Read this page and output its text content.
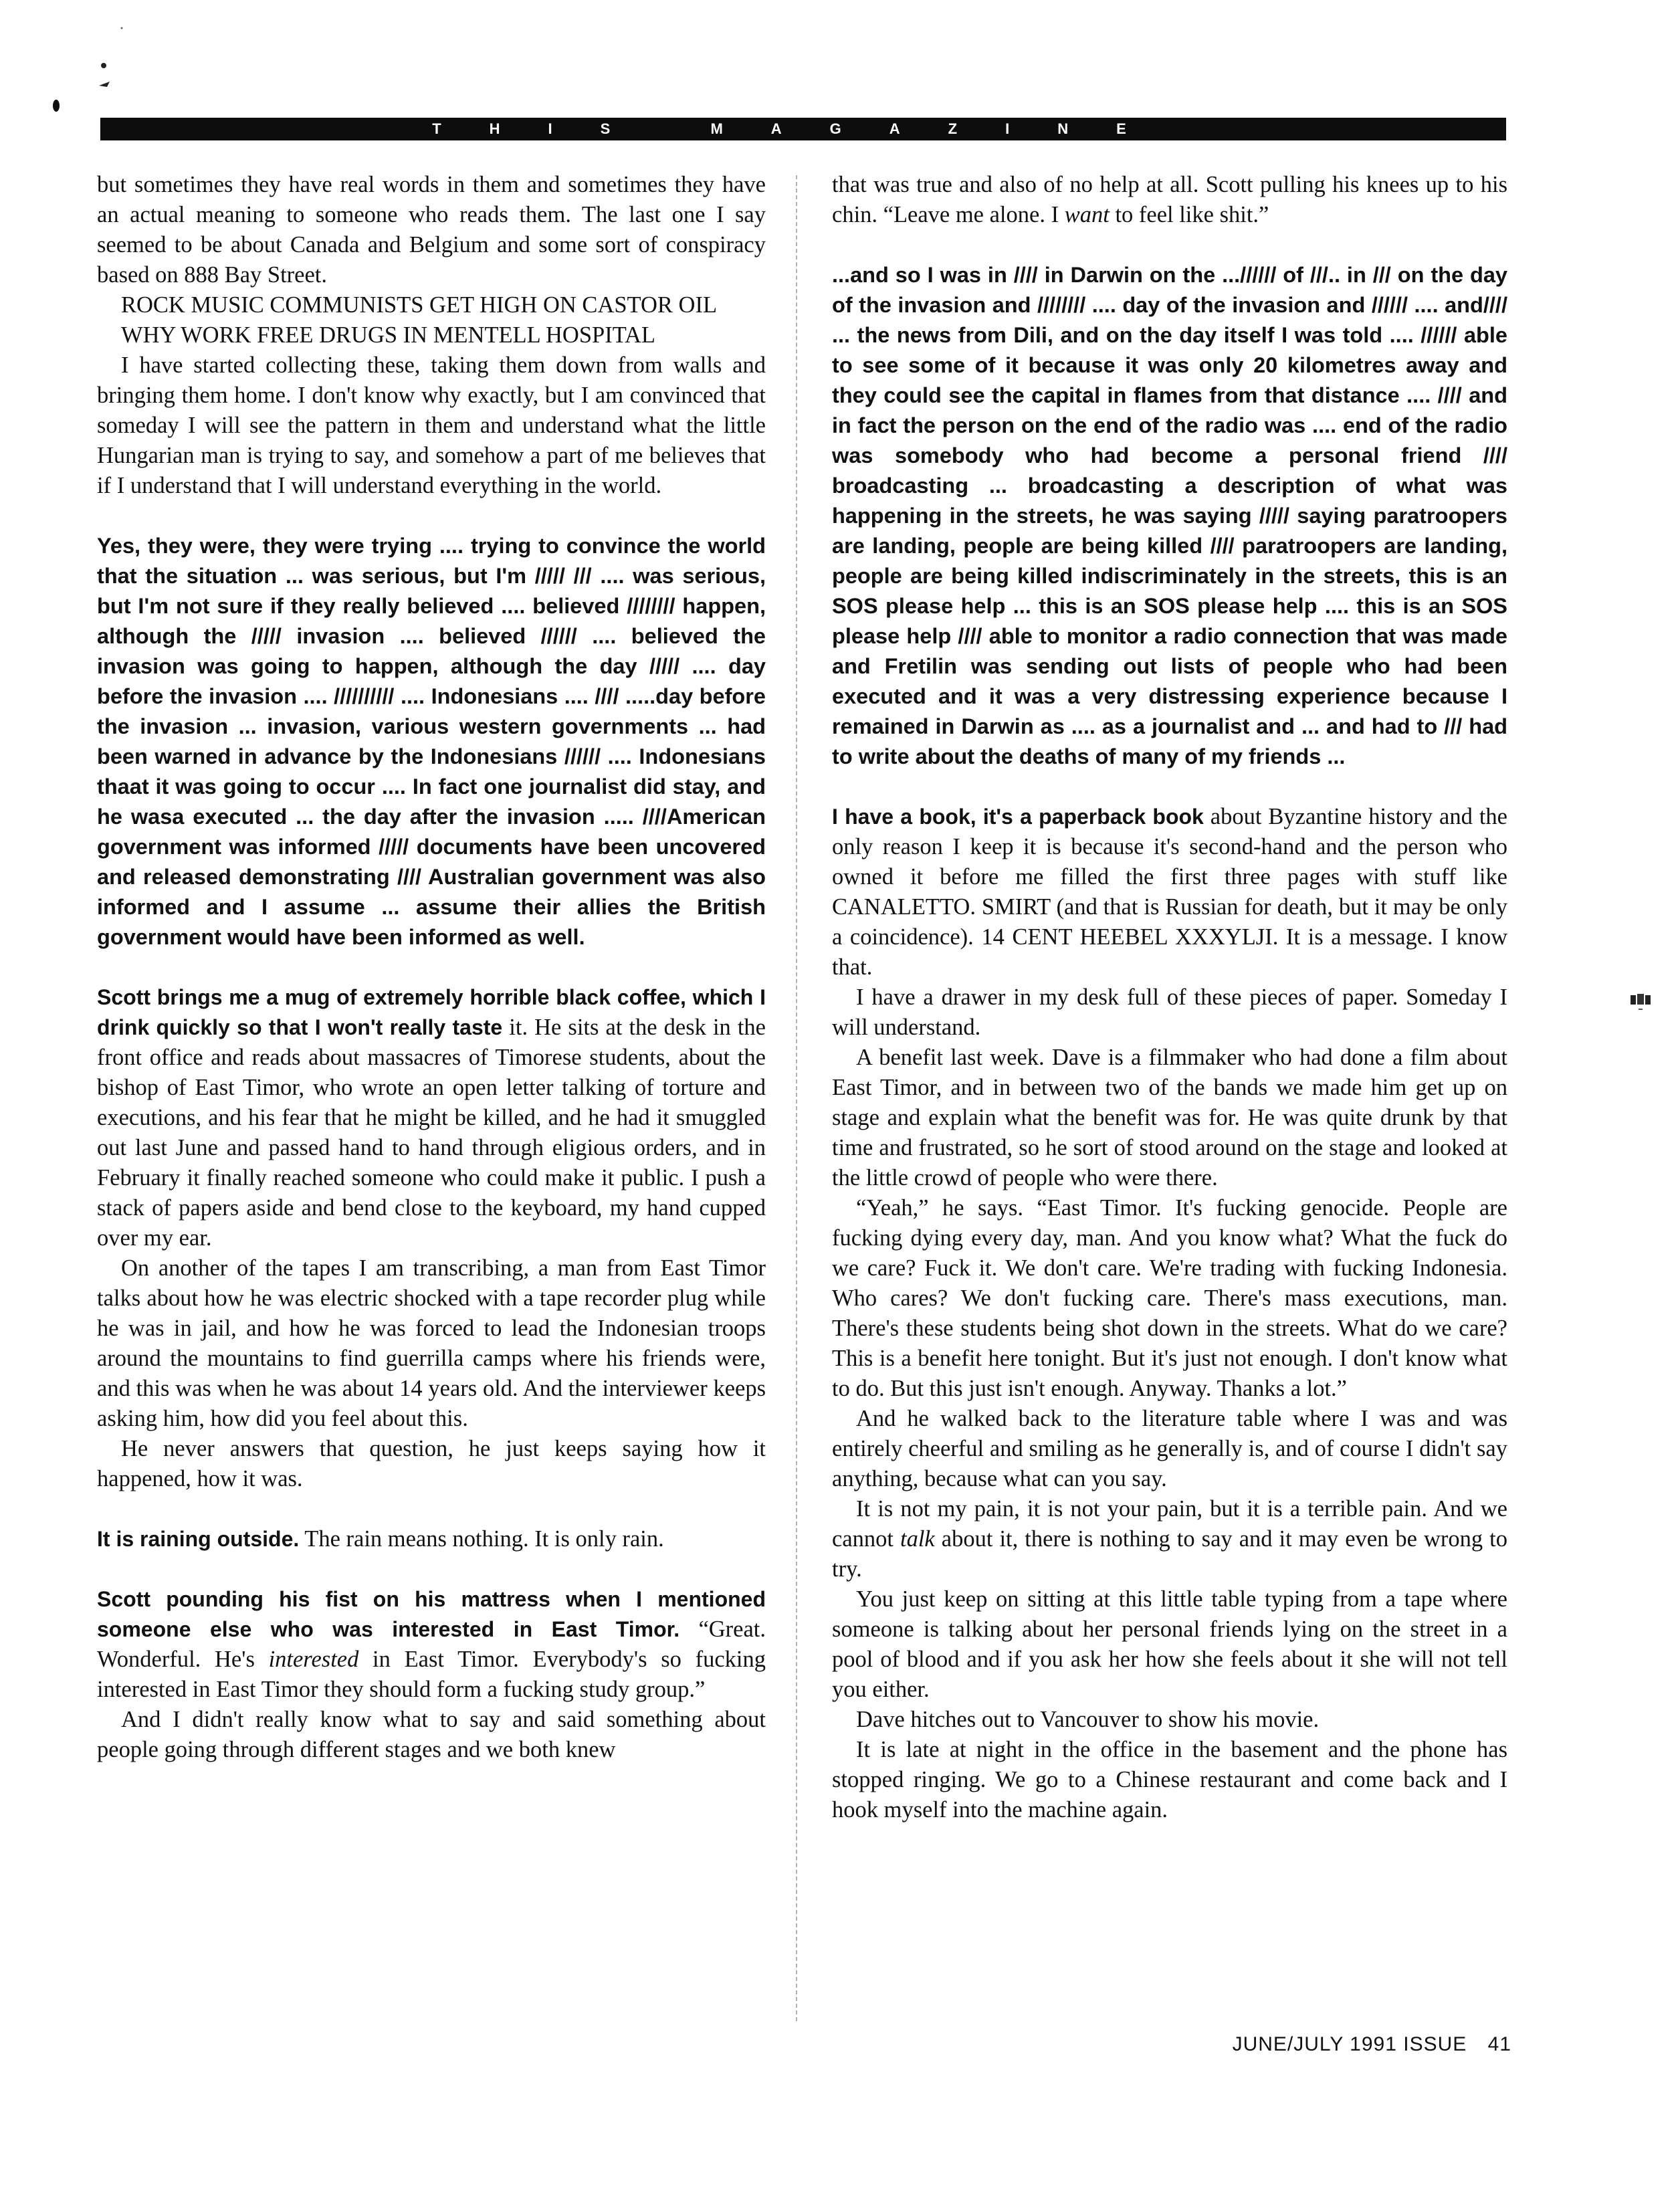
THIS MAGAZINE

but sometimes they have real words in them and sometimes they have an actual meaning to someone who reads them. The last one I say seemed to be about Canada and Belgium and some sort of conspiracy based on 888 Bay Street.

ROCK MUSIC COMMUNISTS GET HIGH ON CASTOR OIL

WHY WORK FREE DRUGS IN MENTELL HOSPITAL

I have started collecting these, taking them down from walls and bringing them home. I don't know why exactly, but I am convinced that someday I will see the pattern in them and understand what the little Hungarian man is trying to say, and somehow a part of me believes that if I understand that I will understand everything in the world.

Yes, they were, they were trying .... trying to convince the world that the situation ... was serious, but I'm ///// /// .... was serious, but I'm not sure if they really believed .... believed //////// happen, although the ///// invasion .... believed ////// .... believed the invasion was going to happen, although the day ///// .... day before the invasion .... ////////// .... Indonesians .... //// .....day before the invasion ... invasion, various western governments ... had been warned in advance by the Indonesians ////// .... Indonesians thaat it was going to occur .... In fact one journalist did stay, and he wasa executed ... the day after the invasion ..... ////American government was informed ///// documents have been uncovered and released demonstrating //// Australian government was also informed and I assume ... assume their allies the British government would have been informed as well.

Scott brings me a mug of extremely horrible black coffee, which I drink quickly so that I won't really taste it. He sits at the desk in the front office and reads about massacres of Timorese students, about the bishop of East Timor, who wrote an open letter talking of torture and executions, and his fear that he might be killed, and he had it smuggled out last June and passed hand to hand through eligious orders, and in February it finally reached someone who could make it public. I push a stack of papers aside and bend close to the keyboard, my hand cupped over my ear.

On another of the tapes I am transcribing, a man from East Timor talks about how he was electric shocked with a tape recorder plug while he was in jail, and how he was forced to lead the Indonesian troops around the mountains to find guerrilla camps where his friends were, and this was when he was about 14 years old. And the interviewer keeps asking him, how did you feel about this.

He never answers that question, he just keeps saying how it happened, how it was.

It is raining outside. The rain means nothing. It is only rain.

Scott pounding his fist on his mattress when I mentioned someone else who was interested in East Timor. “Great. Wonderful. He's interested in East Timor. Everybody's so fucking interested in East Timor they should form a fucking study group.”

And I didn't really know what to say and said something about people going through different stages and we both knew

that was true and also of no help at all. Scott pulling his knees up to his chin. “Leave me alone. I want to feel like shit.”

...and so I was in //// in Darwin on the ...////// of ///.. in /// on the day of the invasion and //////// .... day of the invasion and ////// .... and//// ... the news from Dili, and on the day itself I was told .... ////// able to see some of it because it was only 20 kilometres away and they could see the capital in flames from that distance .... //// and in fact the person on the end of the radio was .... end of the radio was somebody who had become a personal friend //// broadcasting ... broadcasting a description of what was happening in the streets, he was saying ///// saying paratroopers are landing, people are being killed //// paratroopers are landing, people are being killed indiscriminately in the streets, this is an SOS please help ... this is an SOS please help .... this is an SOS please help //// able to monitor a radio connection that was made and Fretilin was sending out lists of people who had been executed and it was a very distressing experience because I remained in Darwin as .... as a journalist and ... and had to /// had to write about the deaths of many of my friends ...

I have a book, it's a paperback book about Byzantine history and the only reason I keep it is because it's second-hand and the person who owned it before me filled the first three pages with stuff like CANALETTO. SMIRT (and that is Russian for death, but it may be only a coincidence). 14 CENT HEEBEL XXXYLJI. It is a message. I know that.

I have a drawer in my desk full of these pieces of paper. Someday I will understand.

A benefit last week. Dave is a filmmaker who had done a film about East Timor, and in between two of the bands we made him get up on stage and explain what the benefit was for. He was quite drunk by that time and frustrated, so he sort of stood around on the stage and looked at the little crowd of people who were there.

“Yeah,” he says. “East Timor. It's fucking genocide. People are fucking dying every day, man. And you know what? What the fuck do we care? Fuck it. We don't care. We're trading with fucking Indonesia. Who cares? We don't fucking care. There's mass executions, man. There's these students being shot down in the streets. What do we care? This is a benefit here tonight. But it's just not enough. I don't know what to do. But this just isn't enough. Anyway. Thanks a lot.”

And he walked back to the literature table where I was and was entirely cheerful and smiling as he generally is, and of course I didn't say anything, because what can you say.

It is not my pain, it is not your pain, but it is a terrible pain. And we cannot talk about it, there is nothing to say and it may even be wrong to try.

You just keep on sitting at this little table typing from a tape where someone is talking about her personal friends lying on the street in a pool of blood and if you ask her how she feels about it she will not tell you either.

Dave hitches out to Vancouver to show his movie.

It is late at night in the office in the basement and the phone has stopped ringing. We go to a Chinese restaurant and come back and I hook myself into the machine again.

JUNE/JULY 1991 ISSUE 41
